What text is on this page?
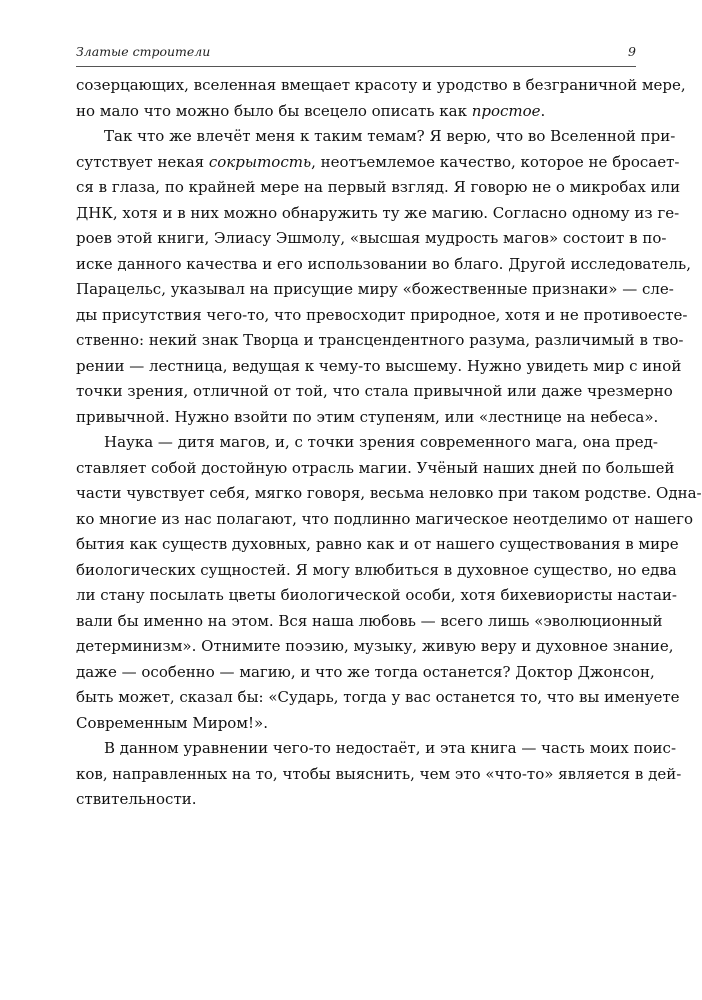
Златые строители	9
созерцающих, вселенная вмещает красоту и уродство в безграничной мере,
но мало что можно было бы всецело описать как простое.
Так что же влечёт меня к таким темам? Я верю, что во Вселенной при-
сутствует некая сокрытость, неотъемлемое качество, которое не бросает-
ся в глаза, по крайней мере на первый взгляд. Я говорю не о микробах или
ДНК, хотя и в них можно обнаружить ту же магию. Согласно одному из ге-
роев этой книги, Элиасу Эшмолу, «высшая мудрость магов» состоит в по-
иске данного качества и его использовании во благо. Другой исследователь,
Парацельс, указывал на присущие миру «божественные признаки» — сле-
ды присутствия чего-то, что превосходит природное, хотя и не противоесте-
ственно: некий знак Творца и трансцендентного разума, различимый в тво-
рении — лестница, ведущая к чему-то высшему. Нужно увидеть мир с иной
точки зрения, отличной от той, что стала привычной или даже чрезмерно
привычной. Нужно взойти по этим ступеням, или «лестнице на небеса».
Наука — дитя магов, и, с точки зрения современного мага, она пред-
ставляет собой достойную отрасль магии. Учёный наших дней по большей
части чувствует себя, мягко говоря, весьма неловко при таком родстве. Одна-
ко многие из нас полагают, что подлинно магическое неотделимо от нашего
бытия как существ духовных, равно как и от нашего существования в мире
биологических сущностей. Я могу влюбиться в духовное существо, но едва
ли стану посылать цветы биологической особи, хотя бихевиористы настаи-
вали бы именно на этом. Вся наша любовь — всего лишь «эволюционный
детерминизм». Отнимите поэзию, музыку, живую веру и духовное знание,
даже — особенно — магию, и что же тогда останется? Доктор Джонсон,
быть может, сказал бы: «Сударь, тогда у вас останется то, что вы именуете
Современным Миром!».
В данном уравнении чего-то недостаёт, и эта книга — часть моих поис-
ков, направленных на то, чтобы выяснить, чем это «что-то» является в дей-
ствительности.
